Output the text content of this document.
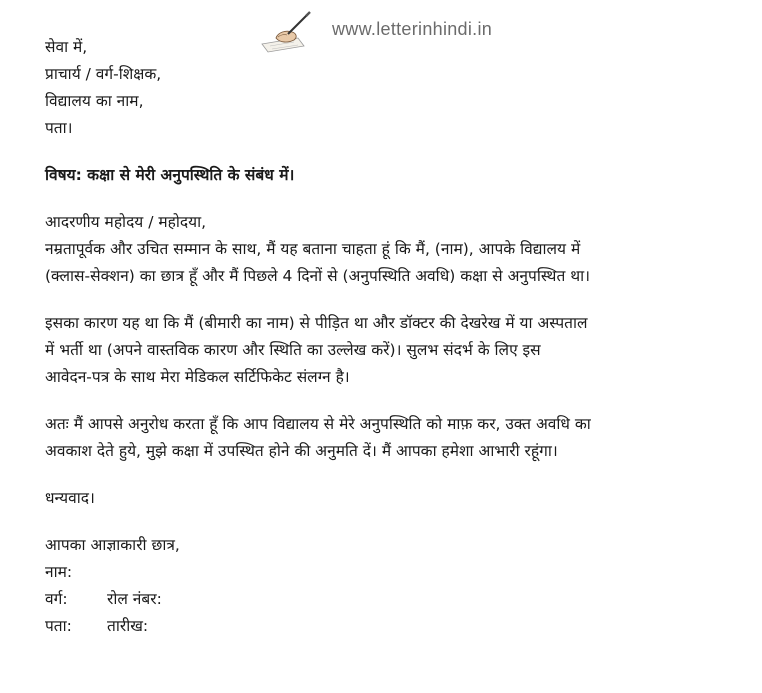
www.letterinhindi.in
सेवा में,
प्राचार्य / वर्ग-शिक्षक,
विद्यालय का नाम,
पता।
विषय: कक्षा से मेरी अनुपस्थिति के संबंध में।
आदरणीय महोदय / महोदया,
नम्रतापूर्वक और उचित सम्मान के साथ, मैं यह बताना चाहता हूं कि मैं, (नाम), आपके विद्यालय में
(क्लास-सेक्शन) का छात्र हूँ और मैं पिछले 4 दिनों से (अनुपस्थिति अवधि) कक्षा से अनुपस्थित था।
इसका कारण यह था कि मैं (बीमारी का नाम) से पीड़ित था और डॉक्टर की देखरेख में या अस्पताल
में भर्ती था (अपने वास्तविक कारण और स्थिति का उल्लेख करें)। सुलभ संदर्भ के लिए इस
आवेदन-पत्र के साथ मेरा मेडिकल सर्टिफिकेट संलग्न है।
अतः मैं आपसे अनुरोध करता हूँ कि आप विद्यालय से मेरे अनुपस्थिति को माफ़ कर, उक्त अवधि का
अवकाश देते हुये, मुझे कक्षा में उपस्थित होने की अनुमति दें। मैं आपका हमेशा आभारी रहूंगा।
धन्यवाद।
आपका आज्ञाकारी छात्र,
नाम:
वर्ग:	रोल नंबर:
पता:	तारीख:
